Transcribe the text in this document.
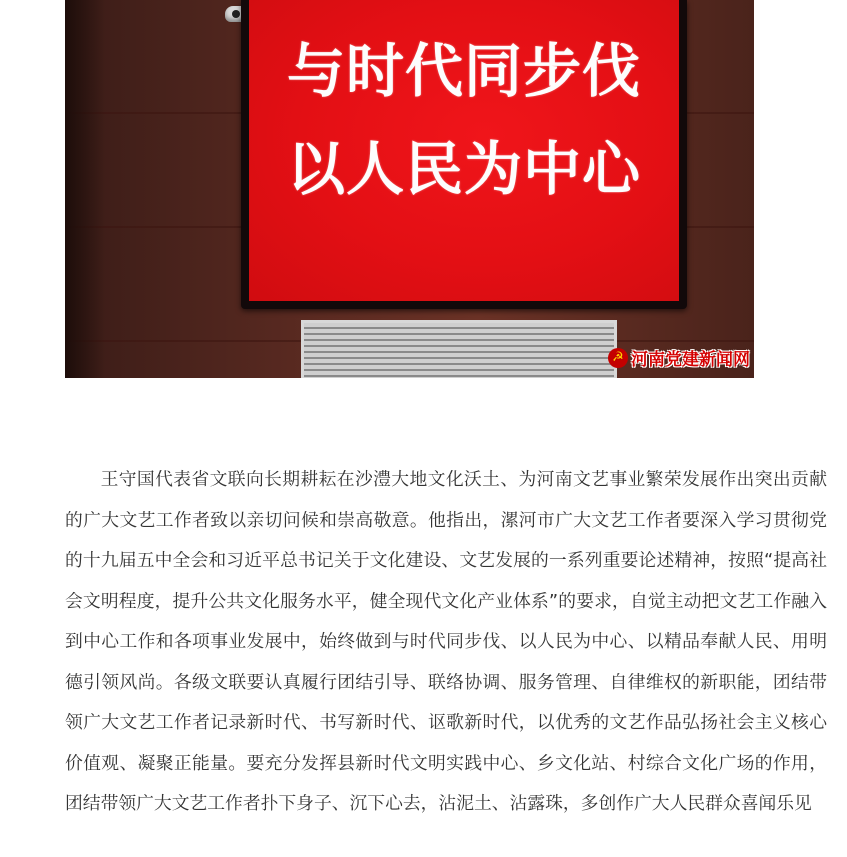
与时代同步伐
以人民为中心
☭ 河南党建新闻网

王守国代表省文联向长期耕耘在沙澧大地文化沃土、为河南文艺事业繁荣发展作出突出贡献的广大文艺工作者致以亲切问候和崇高敬意。他指出，漯河市广大文艺工作者要深入学习贯彻党的十九届五中全会和习近平总书记关于文化建设、文艺发展的一系列重要论述精神，按照“提高社会文明程度，提升公共文化服务水平，健全现代文化产业体系”的要求，自觉主动把文艺工作融入到中心工作和各项事业发展中，始终做到与时代同步伐、以人民为中心、以精品奉献人民、用明德引领风尚。各级文联要认真履行团结引导、联络协调、服务管理、自律维权的新职能，团结带领广大文艺工作者记录新时代、书写新时代、讴歌新时代，以优秀的文艺作品弘扬社会主义核心价值观、凝聚正能量。要充分发挥县新时代文明实践中心、乡文化站、村综合文化广场的作用，团结带领广大文艺工作者扑下身子、沉下心去，沾泥土、沾露珠，多创作广大人民群众喜闻乐见
